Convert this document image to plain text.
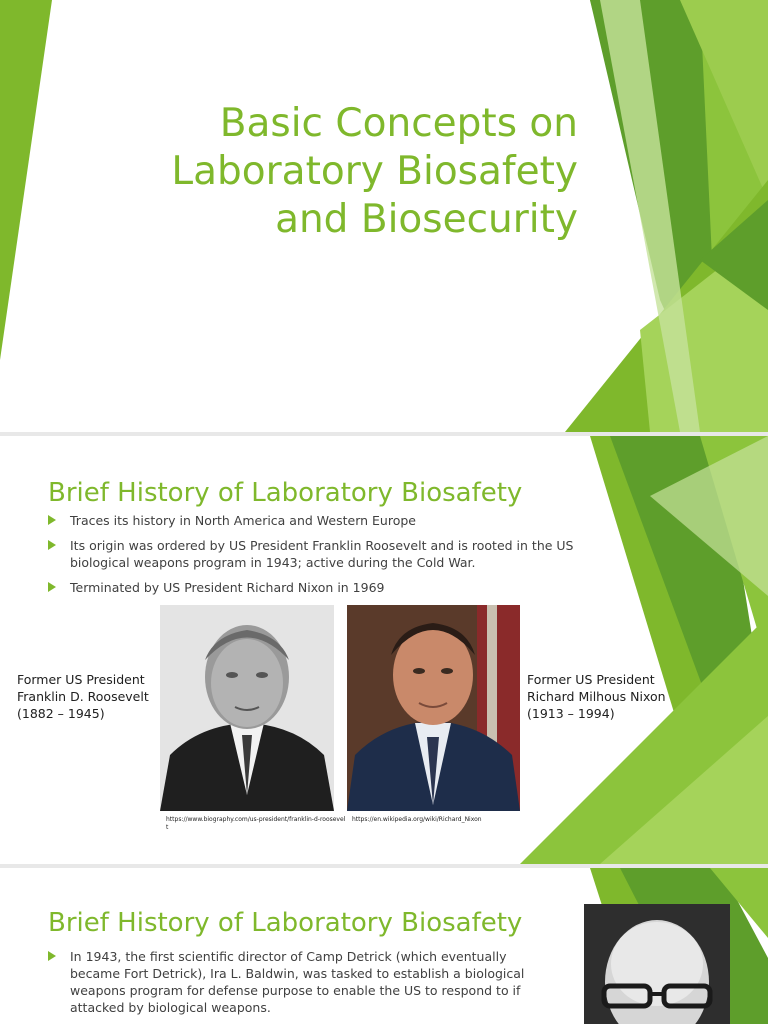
Basic Concepts on
Laboratory Biosafety
and Biosecurity
Brief History of Laboratory Biosafety
Traces its history in North America and Western Europe
Its origin was ordered by US President Franklin Roosevelt and is rooted in the US biological weapons program in 1943; active during the Cold War.
Terminated by US President Richard Nixon in 1969
Former US President
Franklin D. Roosevelt
(1882 – 1945)
Former US President
Richard Milhous Nixon
(1913 – 1994)
https://www.biography.com/us-president/franklin-d-roosevelt
https://en.wikipedia.org/wiki/Richard_Nixon
Brief History of Laboratory Biosafety
In 1943, the first scientific director of Camp Detrick (which eventually became Fort Detrick), Ira L. Baldwin, was tasked to establish a biological weapons program for defense purpose to enable the US to respond to if attacked by biological weapons.
